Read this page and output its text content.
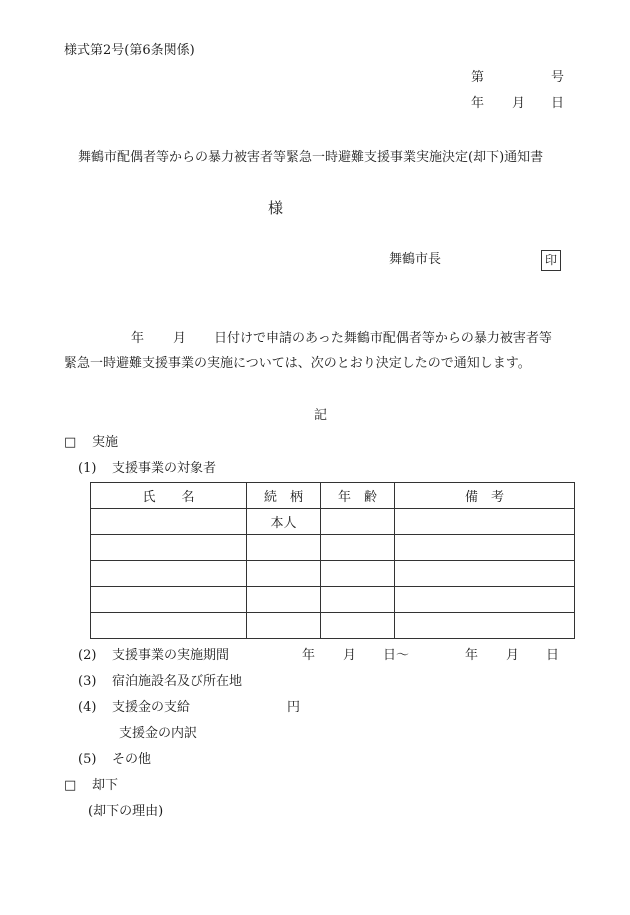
様式第2号(第6条関係)
第	号
年 月 日
舞鶴市配偶者等からの暴力被害者等緊急一時避難支援事業実施決定(却下)通知書
様
舞鶴市長	印
年 月 日付けで申請のあった舞鶴市配偶者等からの暴力被害者等
緊急一時避難支援事業の実施については、次のとおり決定したので通知します。
記
□ 実施
(1) 支援事業の対象者
氏　　名	続　柄	年　齢	備　考
	本人		

(2) 支援事業の実施期間	年 月 日〜	年 月 日
(3) 宿泊施設名及び所在地
(4) 支援金の支給	円
支援金の内訳
(5) その他
□ 却下
(却下の理由)
